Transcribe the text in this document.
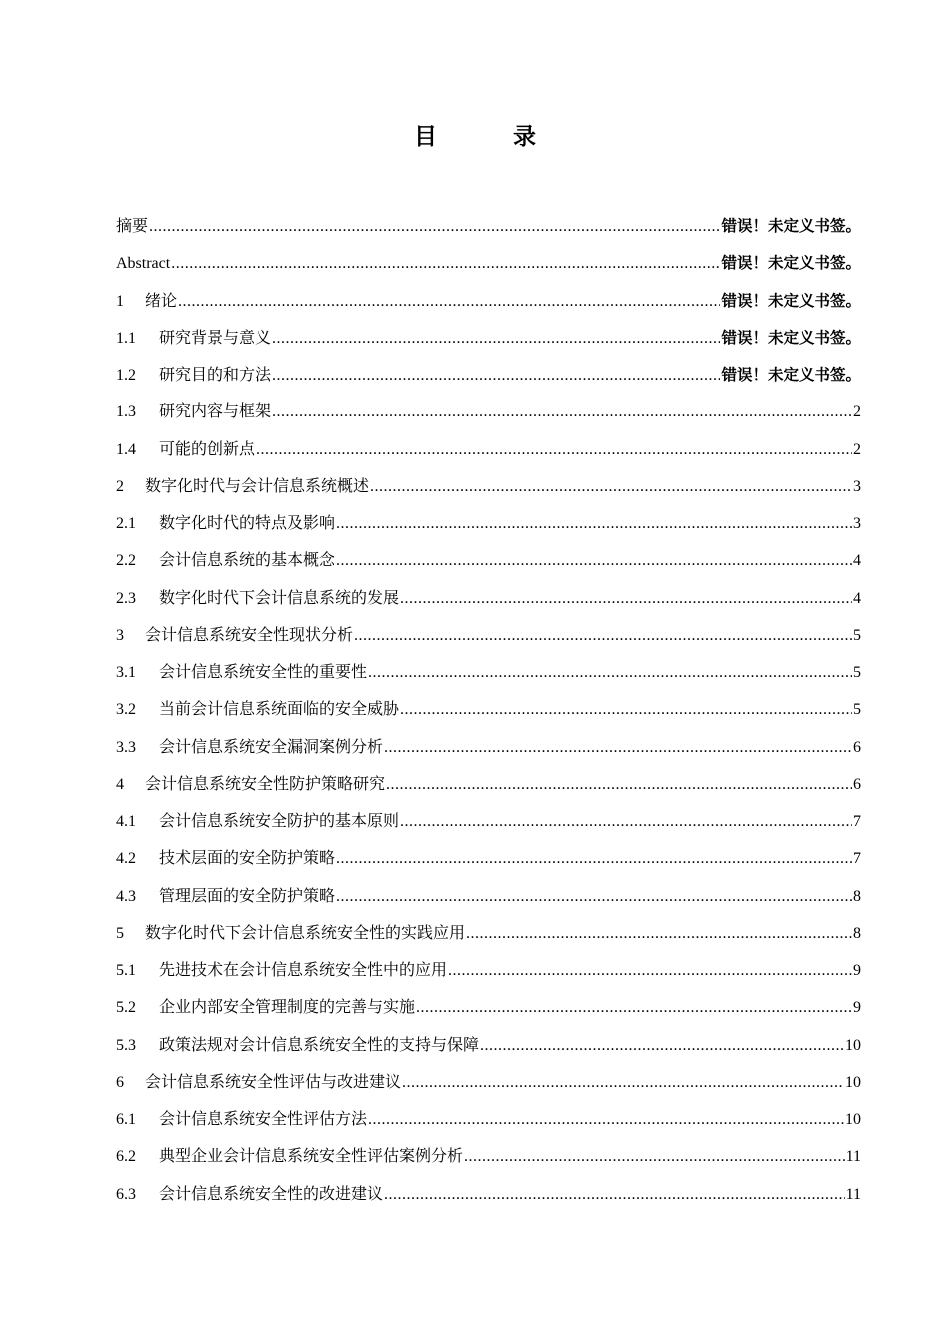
目 录
摘要 .....	错误！未定义书签。
Abstract .....	错误！未定义书签。
1	绪论 .....	错误！未定义书签。
1.1	研究背景与意义 .....	错误！未定义书签。
1.2	研究目的和方法 .....	错误！未定义书签。
1.3	研究内容与框架 .....	2
1.4	可能的创新点 .....	2
2	数字化时代与会计信息系统概述 .....	3
2.1	数字化时代的特点及影响 .....	3
2.2	会计信息系统的基本概念 .....	4
2.3	数字化时代下会计信息系统的发展 .....	4
3	会计信息系统安全性现状分析 .....	5
3.1	会计信息系统安全性的重要性 .....	5
3.2	当前会计信息系统面临的安全威胁 .....	5
3.3	会计信息系统安全漏洞案例分析 .....	6
4	会计信息系统安全性防护策略研究 .....	6
4.1	会计信息系统安全防护的基本原则 .....	7
4.2	技术层面的安全防护策略 .....	7
4.3	管理层面的安全防护策略 .....	8
5	数字化时代下会计信息系统安全性的实践应用 .....	8
5.1	先进技术在会计信息系统安全性中的应用 .....	9
5.2	企业内部安全管理制度的完善与实施 .....	9
5.3	政策法规对会计信息系统安全性的支持与保障 .....	10
6	会计信息系统安全性评估与改进建议 .....	10
6.1	会计信息系统安全性评估方法 .....	10
6.2	典型企业会计信息系统安全性评估案例分析 .....	11
6.3	会计信息系统安全性的改进建议 .....	11
